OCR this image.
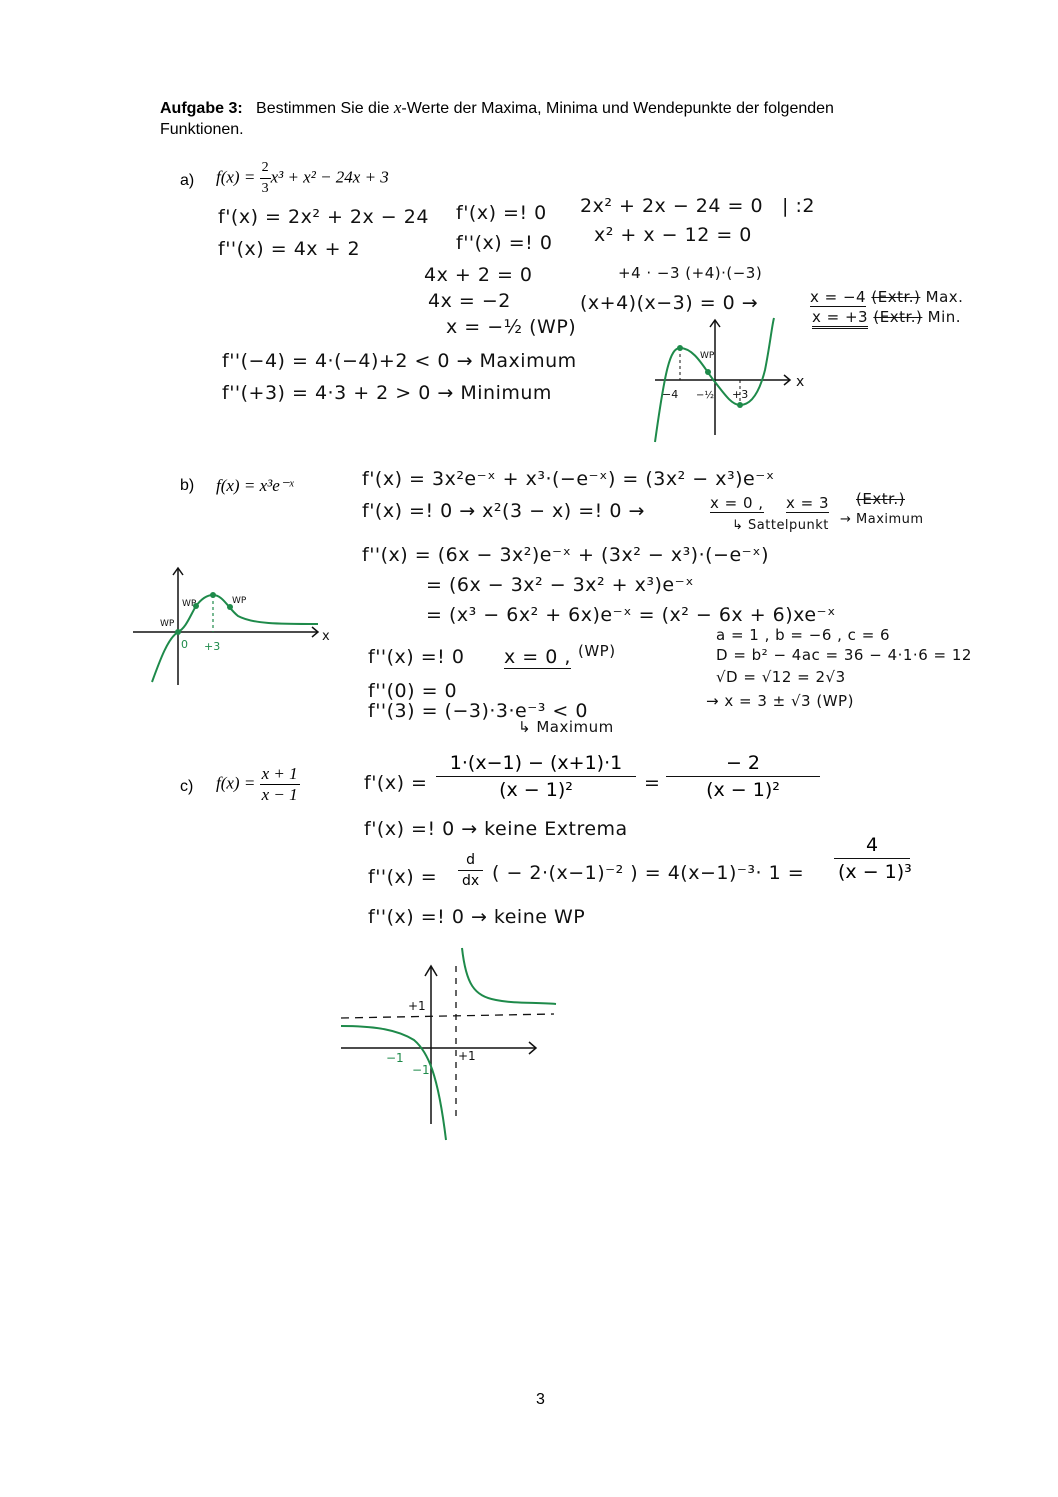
Aufgabe 3: Bestimmen Sie die x-Werte der Maxima, Minima und Wendepunkte der folgenden
Funktionen.
a) $f(x) = \frac{2}{3} x^3 + x^2 - 24x + 3$
f'(x) = 2x² + 2x − 24
f''(x) = 4x + 2
f'(x) =! 0
f''(x) =! 0
4x + 2 = 0
4x = −2
x = −½ (WP)
2x² + 2x − 24 = 0 | :2
x² + x − 12 = 0
+4 · −3 (+4)·(−3)
(x+4)(x−3) = 0 →	x = −4 (Extr.) Max.
x = +3 (Extr.) Min.
f''(−4) = 4·(−4)+2 < 0 → Maximum
f''(+3) = 4·3 + 2 > 0 → Minimum
WP
x
−4 −½ +3
b) f(x) = x³e⁻ˣ	f'(x) = 3x²e⁻ˣ + x³·(−e⁻ˣ) = (3x² − x³)e⁻ˣ
f'(x) =! 0 → x²(3 − x) =! 0 →	x = 0 , x = 3 (Extr.)
↳ Sattelpunkt → Maximum
f''(x) = (6x − 3x²)e⁻ˣ + (3x² − x³)·(−e⁻ˣ)
= (6x − 3x² − 3x² + x³)e⁻ˣ
= (x³ − 6x² + 6x)e⁻ˣ = (x² − 6x + 6)xe⁻ˣ
f''(x) =! 0 x = 0 , (WP)
a = 1 , b = −6 , c = 6
D = b² − 4ac = 36 − 4·1·6 = 12
√D = √12 = 2√3
→ x = 3 ± √3 (WP)
f''(0) = 0
f''(3) = (−3)·3·e⁻³ < 0
↳ Maximum
WP
WP	WP
x
0 +3
c) $f(x) = \frac{x + 1}{x - 1}$	$f'(x) = \frac{1\cdot(x-1) - (x+1)\cdot 1}{\text{(x − 1)²}} = \frac{- 2}{\text{(x − 1)²}}$
f'(x) =! 0 → keine Extrema
$f''(x) = \frac{d}{dx}$ ( − 2·(x−1)⁻² ) = $4(x-1)^{-3}\cdot 1 = \frac{4}{\text{(x − 1)³}}$
f''(x) =! 0 → keine WP
+1
−1
−1
+1
3
